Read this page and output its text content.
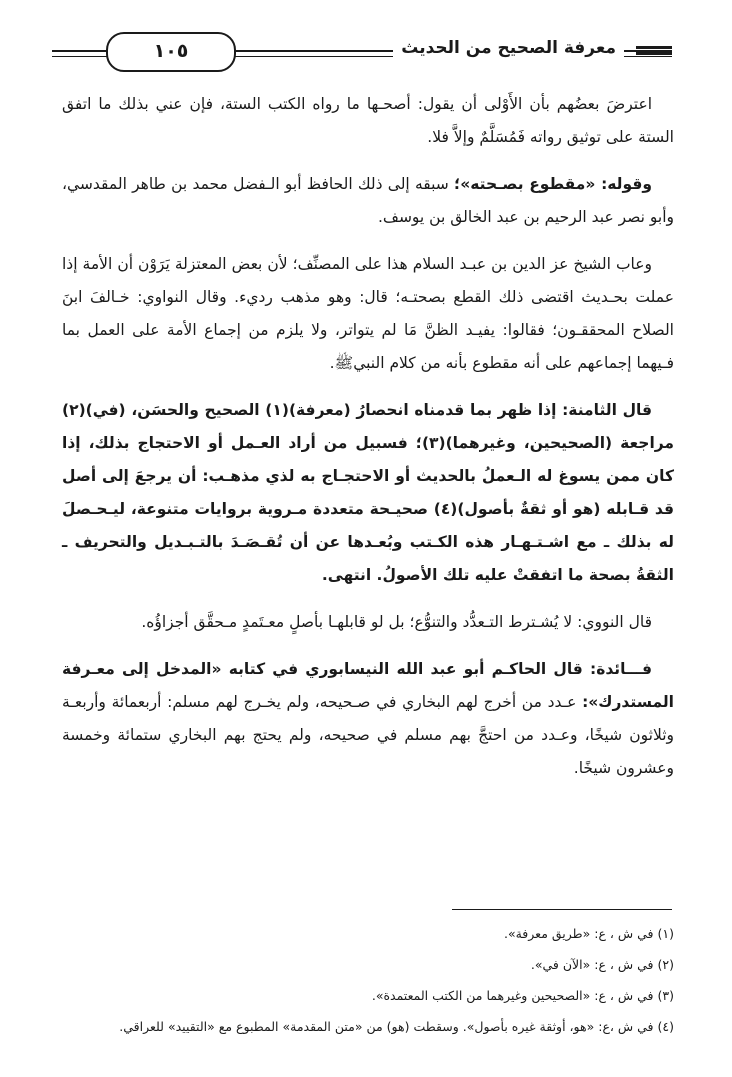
معرفة الصحيح من الحديث
١٠٥

اعترضَ بعضُهم بأن الأَوْلى أن يقول: أصحـها ما رواه الكتب الستة، فإن عني بذلك ما اتفق الستة على توثيق رواته فَمُسَلَّمٌ وإلاَّ فلا.

وقوله: «مقطوع بصـحته»؛ سبقه إلى ذلك الحافظ أبو الـفضل محمد بن طاهر المقدسي، وأبو نصر عبد الرحيم بن عبد الخالق بن يوسف.

وعاب الشيخ عز الدين بن عبـد السلام هذا على المصنِّف؛ لأن بعض المعتزلة يَرَوْن أن الأمة إذا عملت بحـديث اقتضى ذلك القطع بصحتـه؛ قال: وهو مذهب رديء. وقال النواوي: خـالفَ ابنَ الصلاح المحققـون؛ فقالوا: يفيـد الظنَّ مَا لم يتواتر، ولا يلزم من إجماع الأمة على العمل بما فـيهما إجماعهم على أنه مقطوع بأنه من كلام النبيﷺ.

قال الثامنة: إذا ظهر بما قدمناه انحصارُ (معرفة)(١) الصحيح والحسَن، (في)(٢) مراجعة (الصحيحين، وغيرهما)(٣)؛ فسبيل من أراد العـمل أو الاحتجاج بذلك، إذا كان ممن يسوغ له الـعملُ بالحديث أو الاحتجـاج به لذي مذهـب: أن يرجعَ إلى أصل قد قـابله (هو أو ثقةٌ بأصول)(٤) صحيـحة متعددة مـروية بروايات متنوعة، ليـحـصلَ له بذلك ـ مع اشـتـهـار هذه الكـتب وبُعـدها عن أن تُقـصَـدَ بالتـبـديل والتحريف ـ الثقةُ بصحة ما اتفقتْ عليه تلك الأصولُ. انتهى.

قال النووي: لا يُشـترط التـعدُّد والتنوُّع؛ بل لو قابلهـا بأصلٍ معـتَمدٍ مـحقَّق أجزاؤُه.

فـــائدة: قال الحاكـم أبو عبد الله النيسابوري في كتابه «المدخل إلى معـرفة المستدرك»: عـدد من أخرج لهم البخاري في صـحيحه، ولم يخـرج لهم مسلم: أربعمائة وأربعـة وثلاثون شيخًا، وعـدد من احتجَّ بهم مسلم في صحيحه، ولم يحتج بهم البخاري ستمائة وخمسة وعشرون شيخًا.

(١) في ش ، ع: «طريق معرفة».

(٢) في ش ، ع: «الآن في».

(٣) في ش ، ع: «الصحيحين وغيرهما من الكتب المعتمدة».

(٤) في ش ،ع: «هو، أوثقة غيره بأصول». وسقطت (هو) من «متن المقدمة» المطبوع مع «التقييد» للعراقي.
